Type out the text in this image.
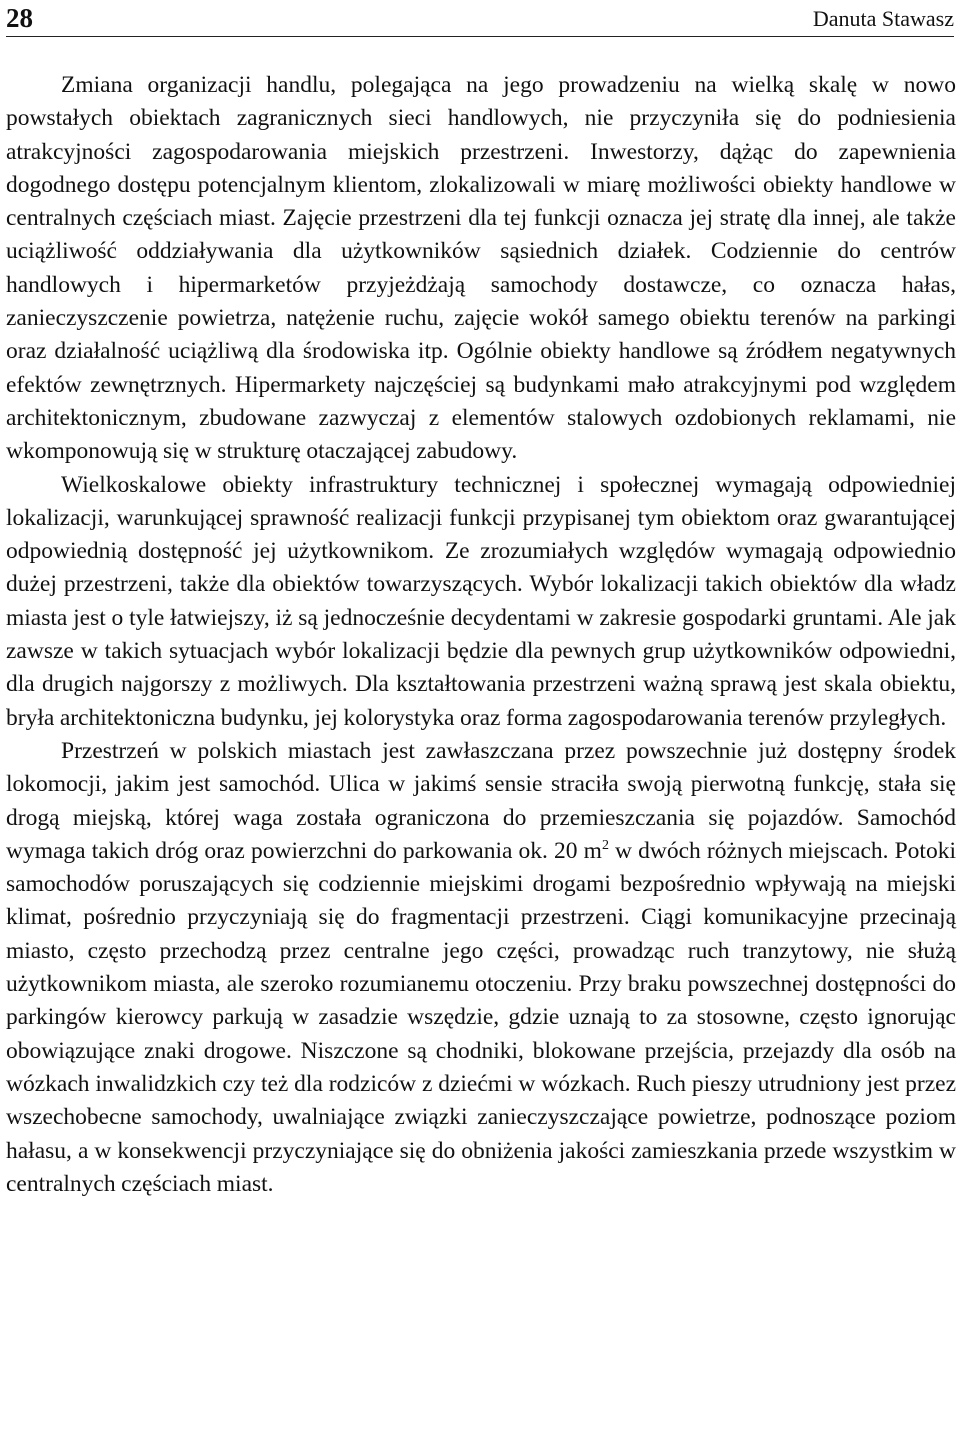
28	Danuta Stawasz

Zmiana organizacji handlu, polegająca na jego prowadzeniu na wielką skalę w nowo powstałych obiektach zagranicznych sieci handlowych, nie przyczyniła się do podniesienia atrakcyjności zagospodarowania miejskich przestrzeni. Inwestorzy, dążąc do zapewnienia dogodnego dostępu potencjalnym klientom, zlokalizowali w miarę możliwości obiekty handlowe w centralnych częściach miast. Zajęcie przestrzeni dla tej funkcji oznacza jej stratę dla innej, ale także uciążliwość oddziaływania dla użytkowników sąsiednich działek. Codziennie do centrów handlowych i hipermarketów przyjeżdżają samochody dostawcze, co oznacza hałas, zanieczyszczenie powietrza, natężenie ruchu, zajęcie wokół samego obiektu terenów na parkingi oraz działalność uciążliwą dla środowiska itp. Ogólnie obiekty handlowe są źródłem negatywnych efektów zewnętrznych. Hipermarkety najczęściej są budynkami mało atrakcyjnymi pod względem architektonicznym, zbudowane zazwyczaj z elementów stalowych ozdobionych reklamami, nie wkomponowują się w strukturę otaczającej zabudowy.

Wielkoskalowe obiekty infrastruktury technicznej i społecznej wymagają odpowiedniej lokalizacji, warunkującej sprawność realizacji funkcji przypisanej tym obiektom oraz gwarantującej odpowiednią dostępność jej użytkownikom. Ze zrozumiałych względów wymagają odpowiednio dużej przestrzeni, także dla obiektów towarzyszących. Wybór lokalizacji takich obiektów dla władz miasta jest o tyle łatwiejszy, iż są jednocześnie decydentami w zakresie gospodarki gruntami. Ale jak zawsze w takich sytuacjach wybór lokalizacji będzie dla pewnych grup użytkowników odpowiedni, dla drugich najgorszy z możliwych. Dla kształtowania przestrzeni ważną sprawą jest skala obiektu, bryła architektoniczna budynku, jej kolorystyka oraz forma zagospodarowania terenów przyległych.

Przestrzeń w polskich miastach jest zawłaszczana przez powszechnie już dostępny środek lokomocji, jakim jest samochód. Ulica w jakimś sensie straciła swoją pierwotną funkcję, stała się drogą miejską, której waga została ograniczona do przemieszczania się pojazdów. Samochód wymaga takich dróg oraz powierzchni do parkowania ok. 20 $m^2$ w dwóch różnych miejscach. Potoki samochodów poruszających się codziennie miejskimi drogami bezpośrednio wpływają na miejski klimat, pośrednio przyczyniają się do fragmentacji przestrzeni. Ciągi komunikacyjne przecinają miasto, często przechodzą przez centralne jego części, prowadząc ruch tranzytowy, nie służą użytkownikom miasta, ale szeroko rozumianemu otoczeniu. Przy braku powszechnej dostępności do parkingów kierowcy parkują w zasadzie wszędzie, gdzie uznają to za stosowne, często ignorując obowiązujące znaki drogowe. Niszczone są chodniki, blokowane przejścia, przejazdy dla osób na wózkach inwalidzkich czy też dla rodziców z dziećmi w wózkach. Ruch pieszy utrudniony jest przez wszechobecne samochody, uwalniające związki zanieczyszczające powietrze, podnoszące poziom hałasu, a w konsekwencji przyczyniające się do obniżenia jakości zamieszkania przede wszystkim w centralnych częściach miast.
